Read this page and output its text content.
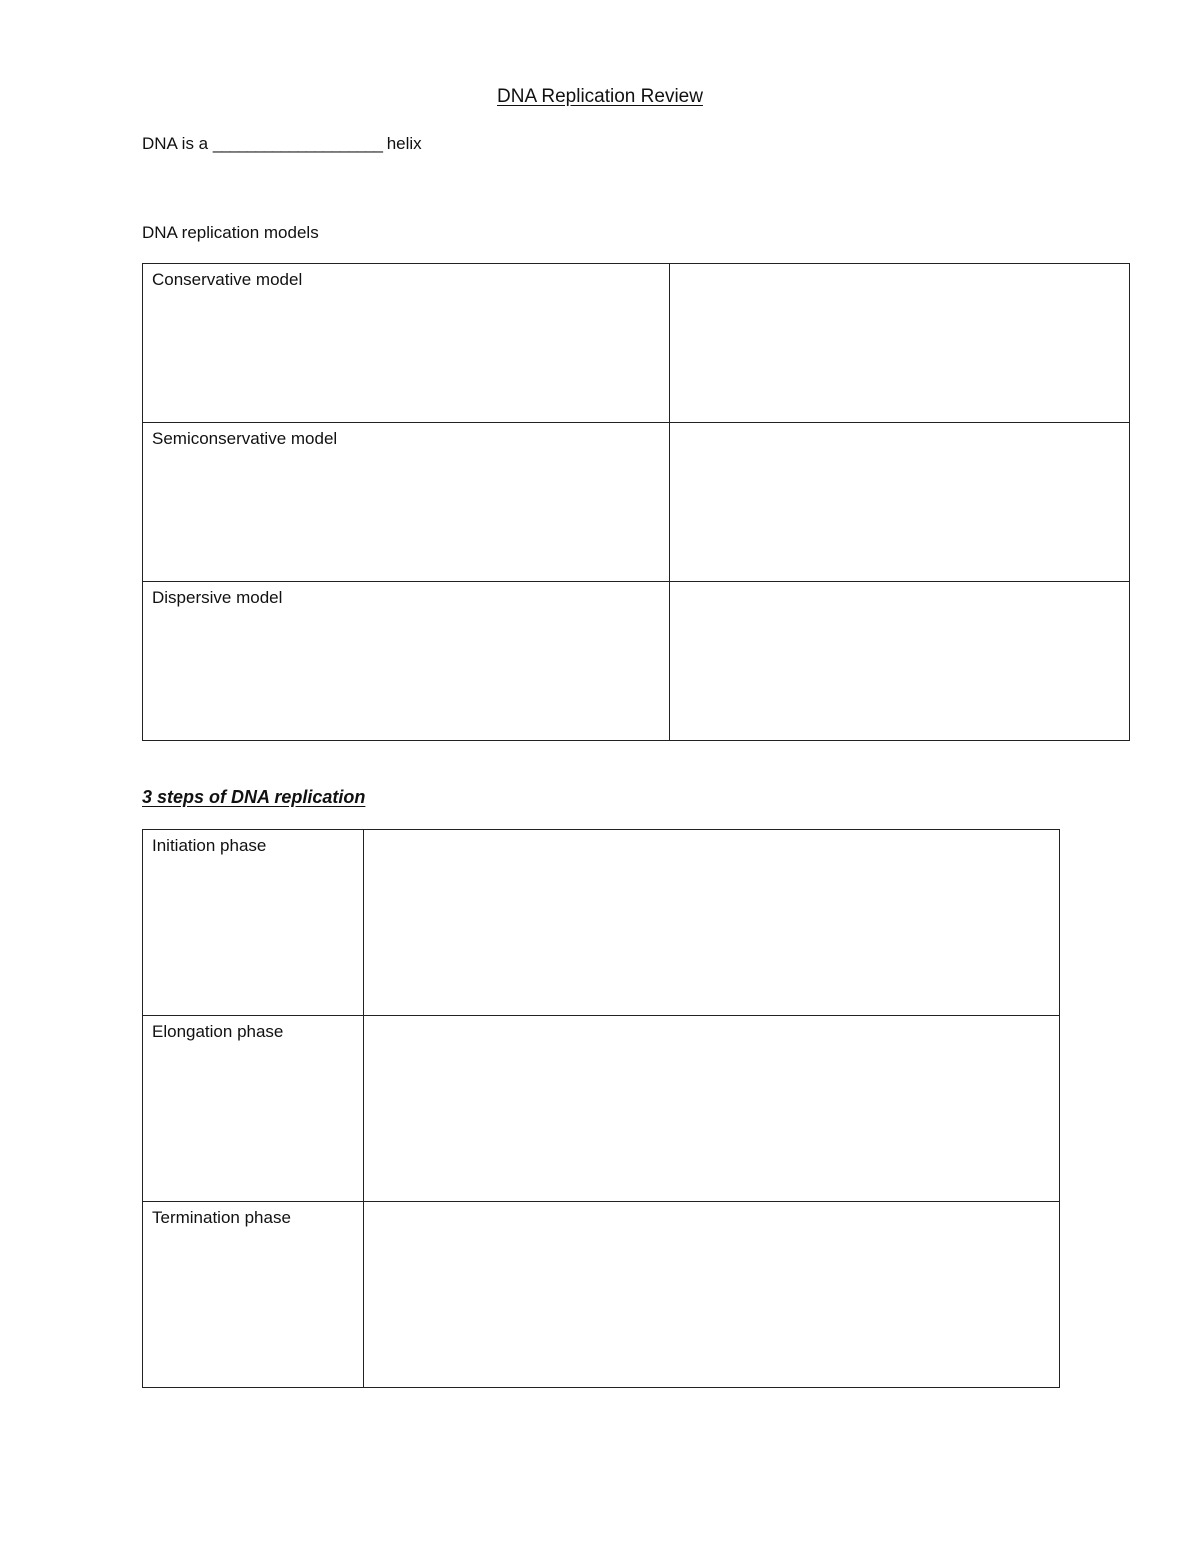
DNA Replication Review
DNA is a ____________________ helix
DNA replication models
Conservative model	
Semiconservative model	
Dispersive model	
3 steps of DNA replication
Initiation phase	
Elongation phase	
Termination phase	
